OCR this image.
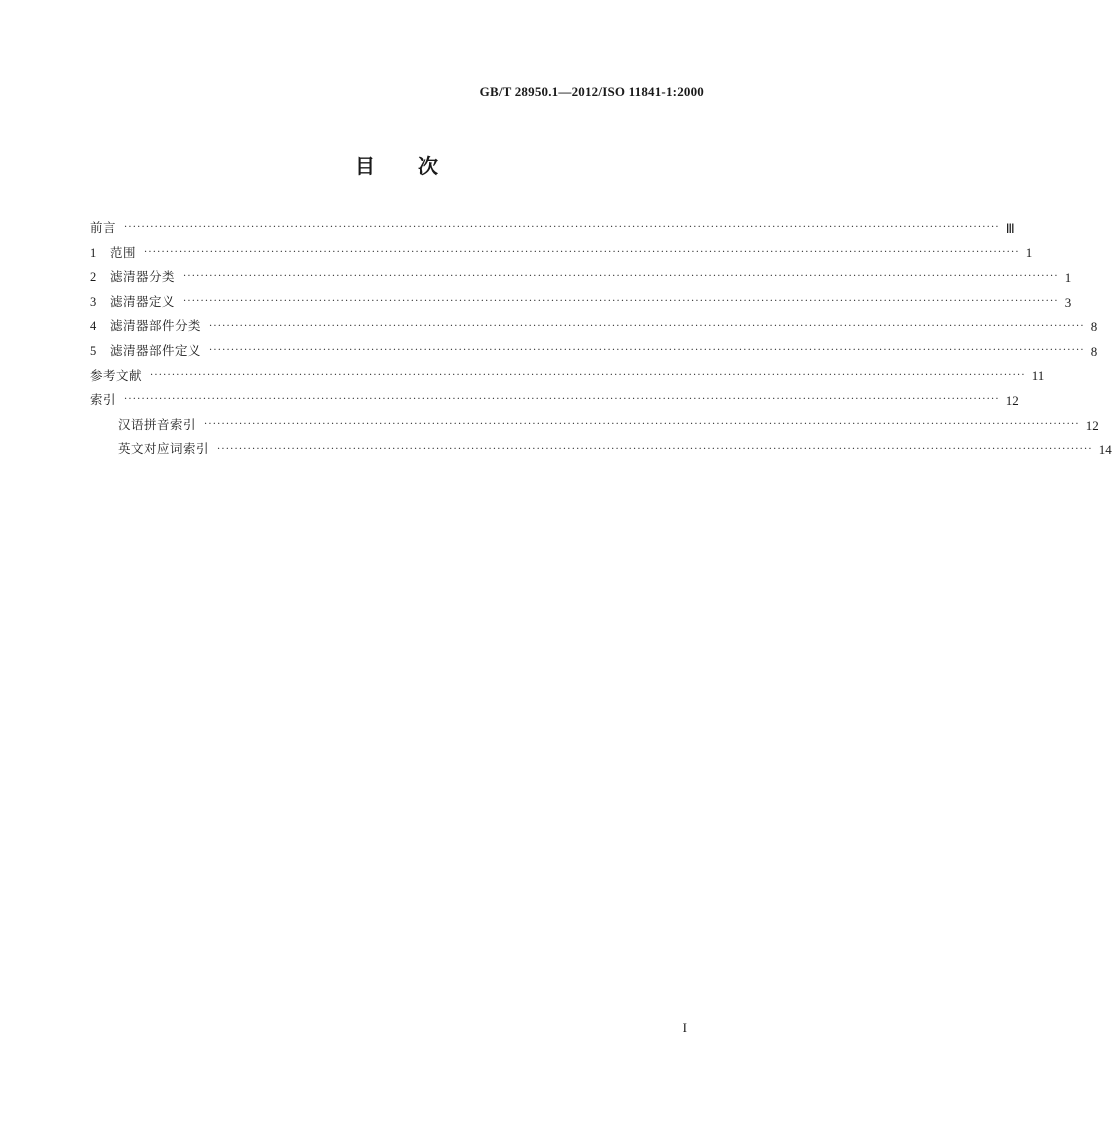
GB/T 28950.1—2012/ISO 11841-1:2000
目 次
前言 ········································································································································································································ Ⅲ
1	范围 ········································································································································································································ 1
2	滤清器分类 ········································································································································································································ 1
3	滤清器定义 ········································································································································································································ 3
4	滤清器部件分类 ········································································································································································································ 8
5	滤清器部件定义 ········································································································································································································ 8
参考文献 ········································································································································································································ 11
索引 ········································································································································································································ 12
汉语拼音索引 ········································································································································································································ 12
英文对应词索引 ········································································································································································································ 14
I
